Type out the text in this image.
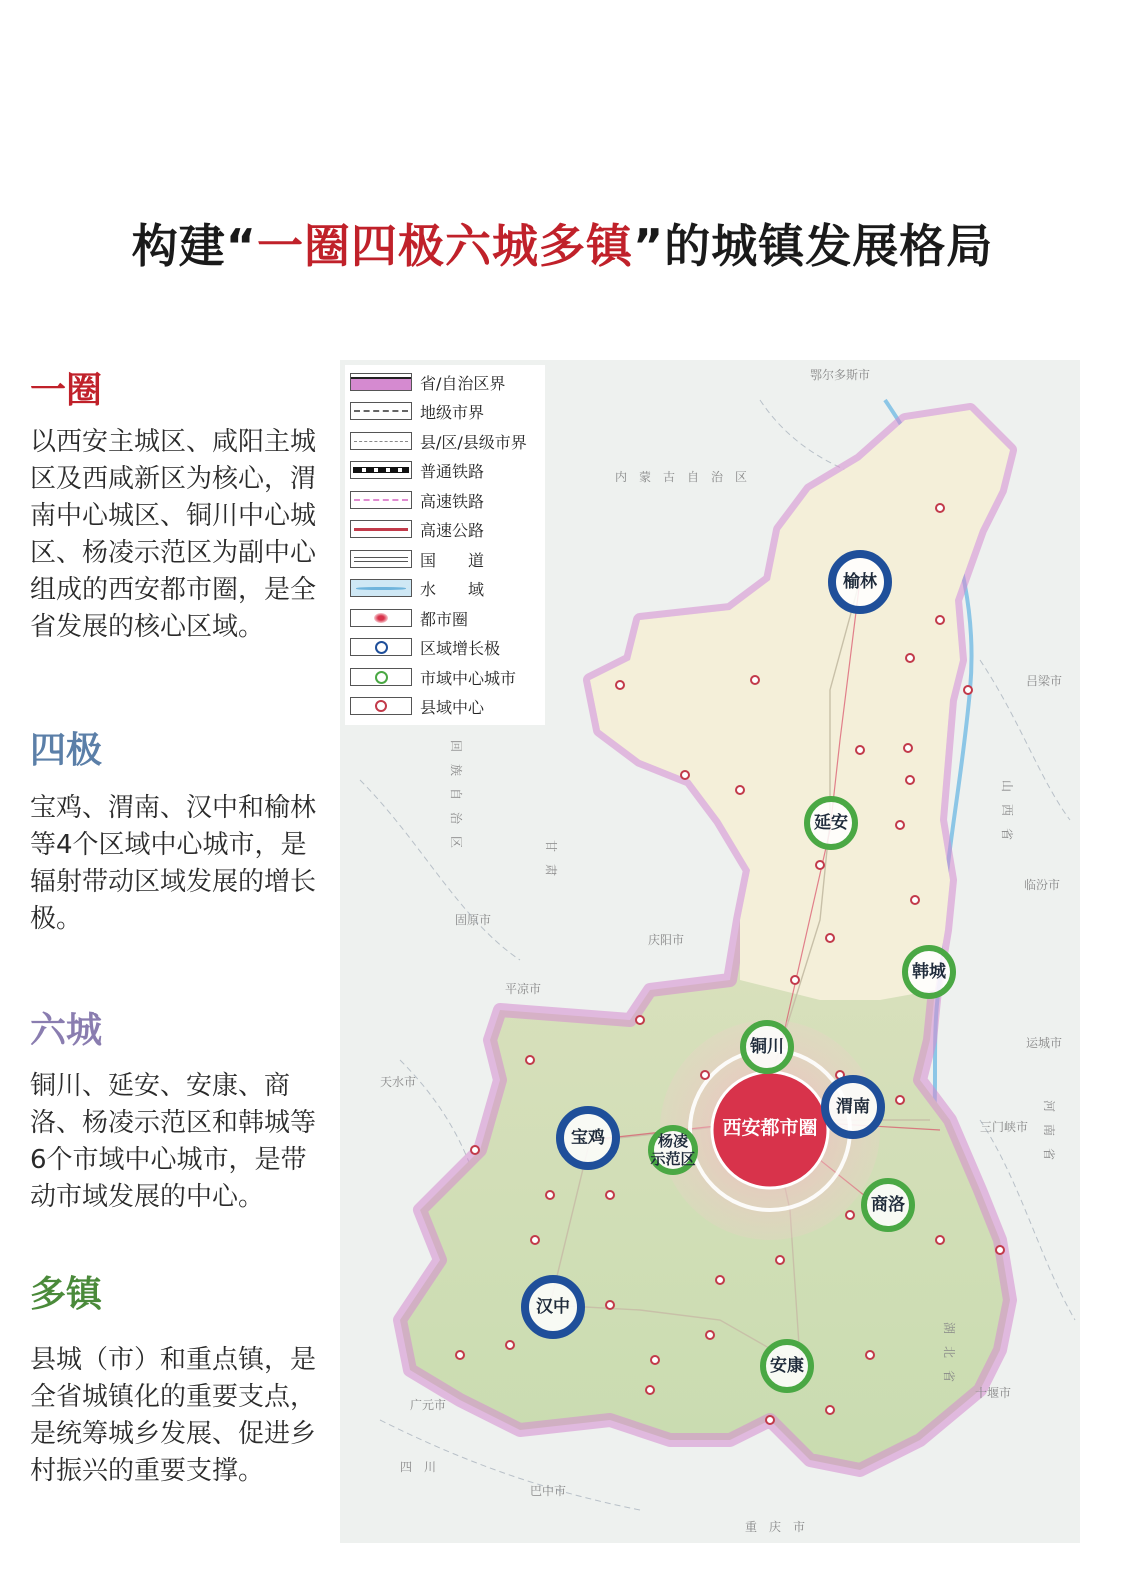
构建“一圈四极六城多镇”的城镇发展格局
一圈
以西安主城区、咸阳主城区及西咸新区为核心，渭南中心城区、铜川中心城区、杨凌示范区为副中心组成的西安都市圈，是全省发展的核心区域。
四极
宝鸡、渭南、汉中和榆林等4个区域中心城市，是辐射带动区域发展的增长极。
六城
铜川、延安、安康、商洛、杨凌示范区和韩城等6个市域中心城市，是带动市域发展的中心。
多镇
县城（市）和重点镇，是全省城镇化的重要支点，是统筹城乡发展、促进乡村振兴的重要支撑。
鄂尔多斯市
内　蒙　古　自　治　区
吕梁市
临汾市
运城市
三门峡市
十堰市
广元市
巴中市
天水市
平凉市
庆阳市
固原市
甘　肃
回　族　自　治　区	山　西　省
四　川
重　庆　市
湖　北　省
河　南　省
西安都市圈
榆林
宝鸡
渭南
汉中
延安
韩城
铜川
杨凌
示范区
商洛
安康
省/自治区界
地级市界
县/区/县级市界
普通铁路
高速铁路
高速公路
国　　道
水　　域
都市圈
区域增长极
市域中心城市
县域中心
